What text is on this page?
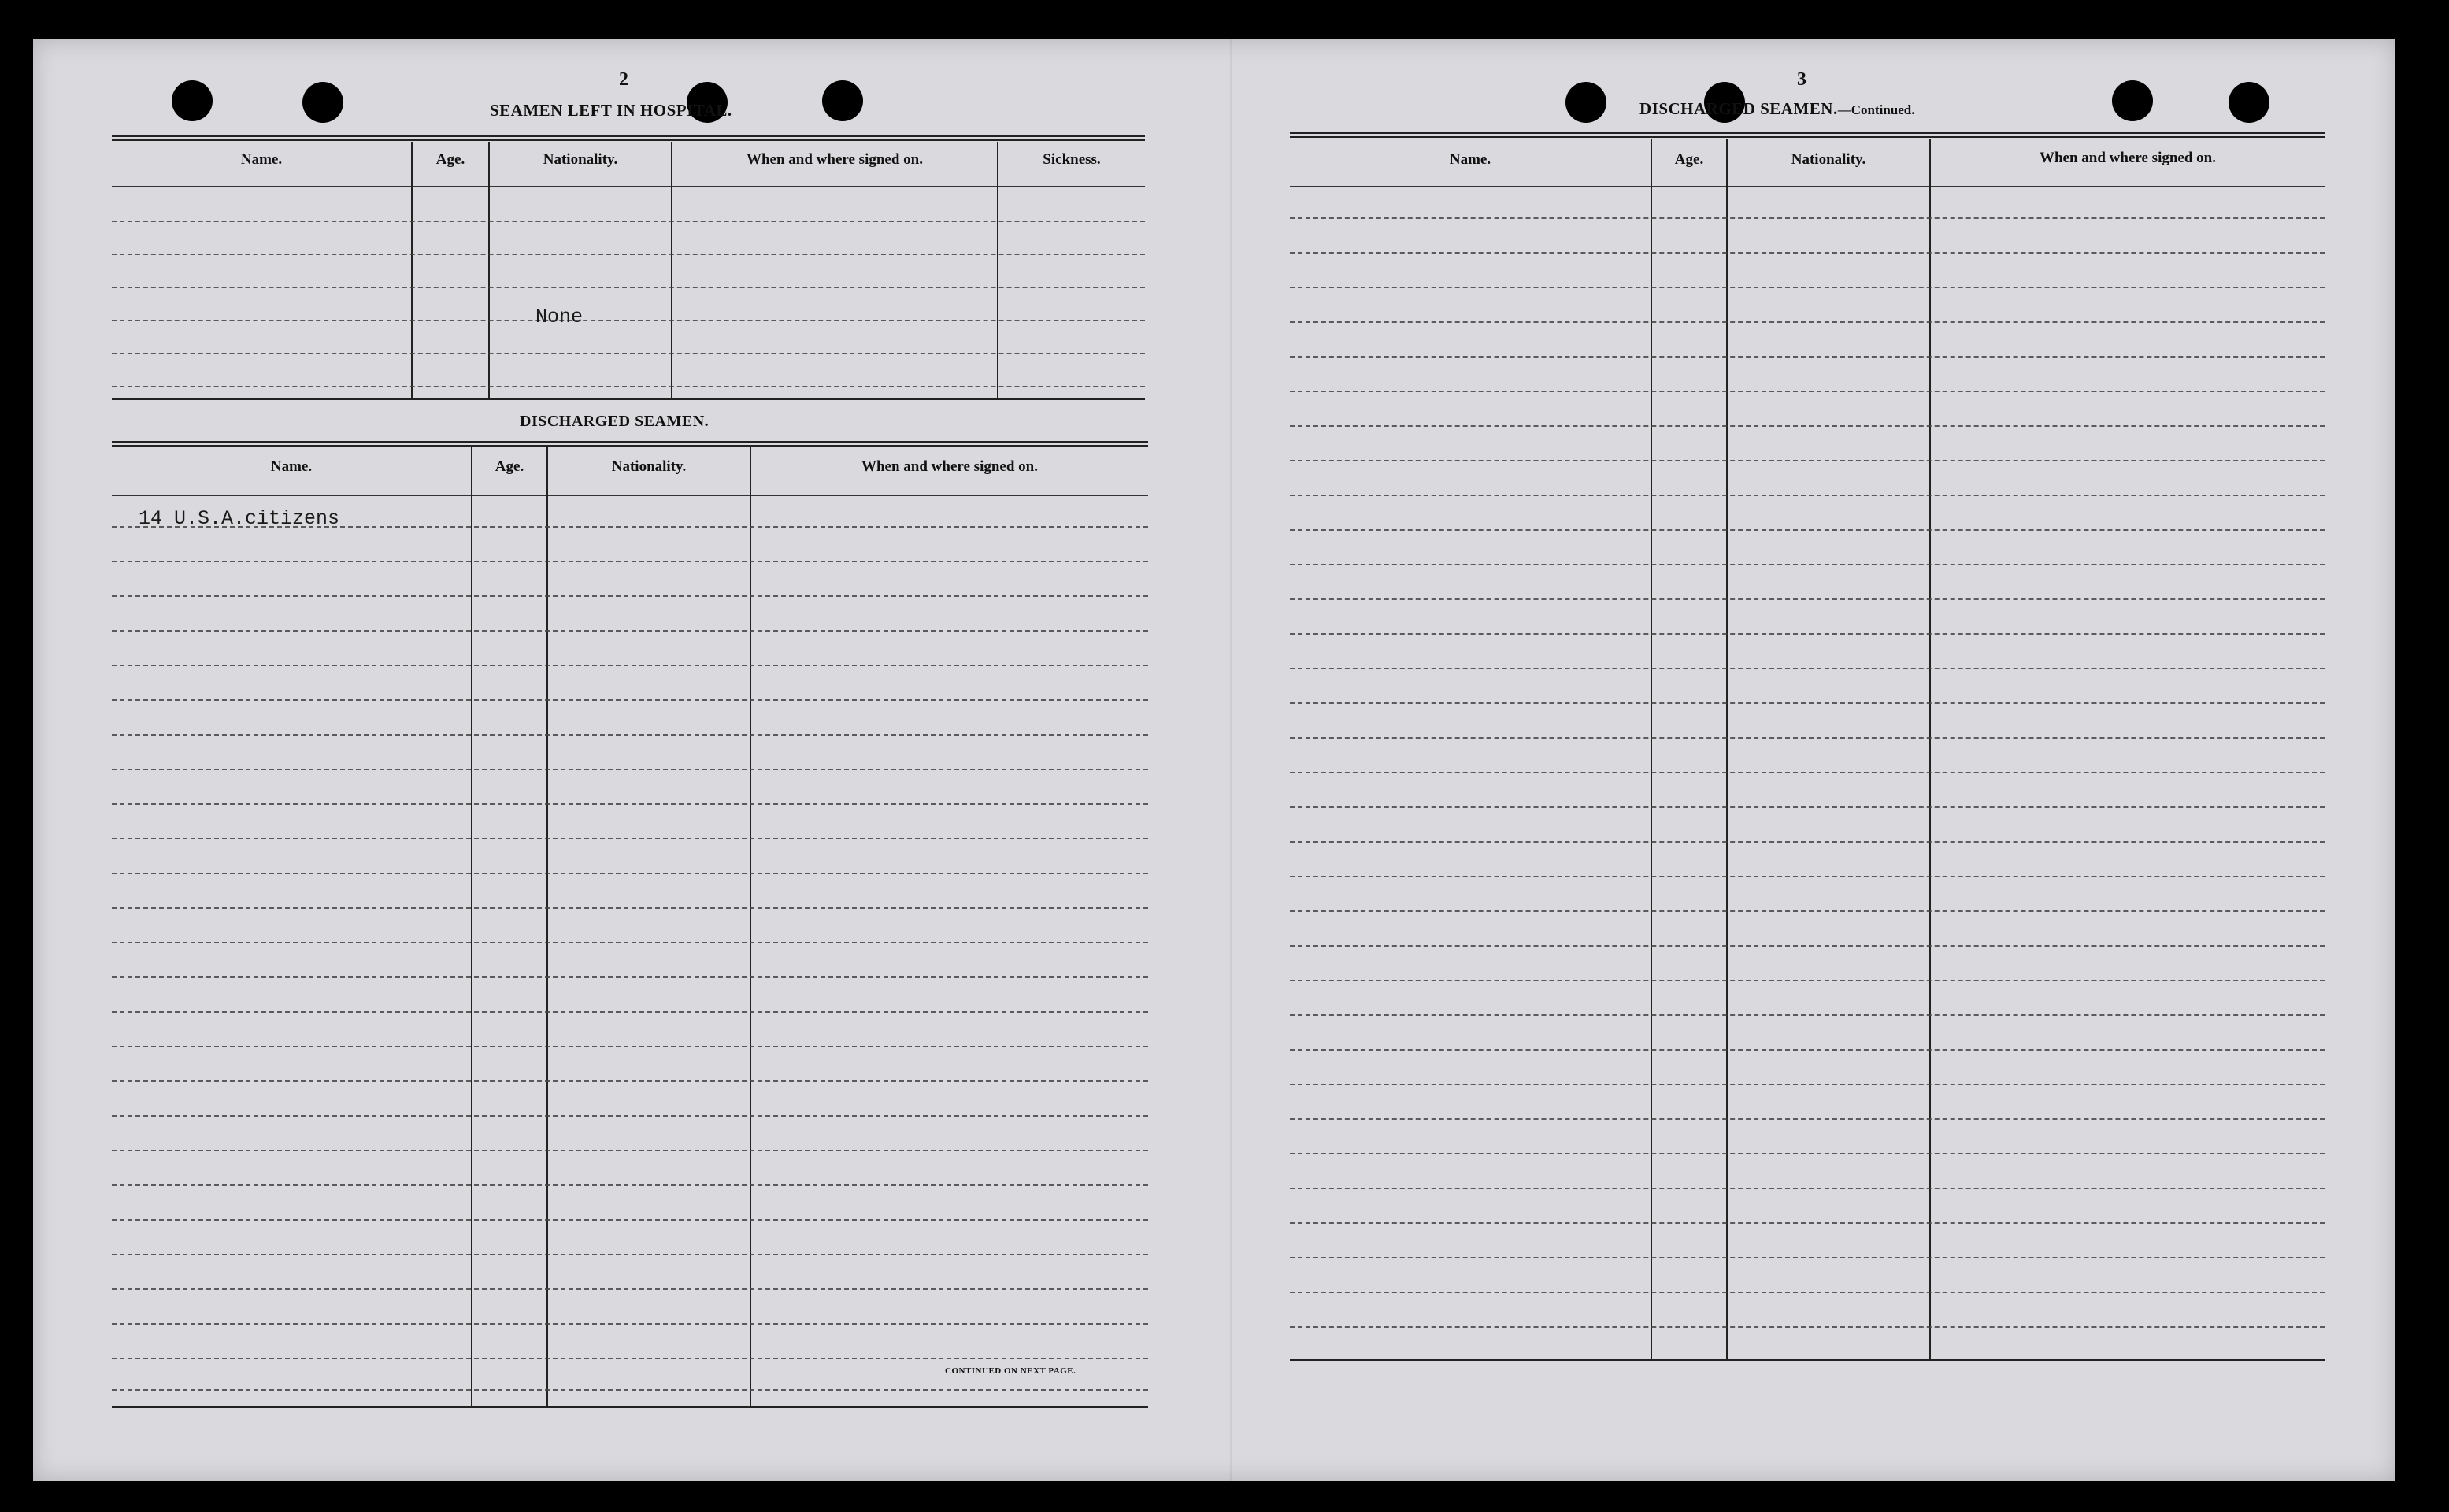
2
SEAMEN LEFT IN HOSPITAL.
Name.	Age.	Nationality.	When and where signed on.	Sickness.
None
DISCHARGED SEAMEN.
Name.	Age.	Nationality.	When and where signed on.
14 U.S.A.citizens
CONTINUED ON NEXT PAGE.
3
DISCHARGED SEAMEN.—Continued.
Name.	Age.	Nationality.	When and where signed on.
